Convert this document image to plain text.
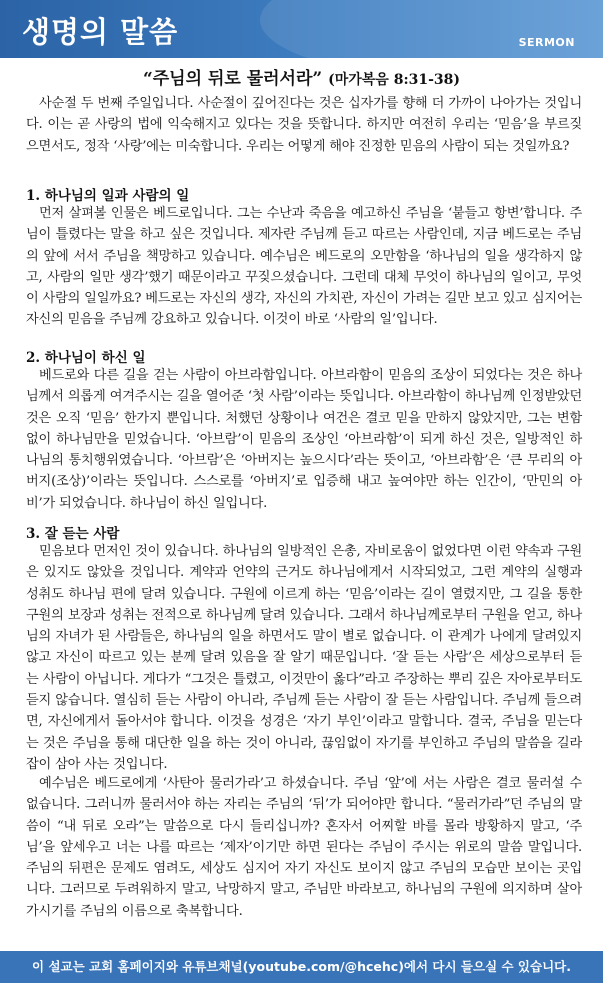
생명의 말씀	SERMON
“주님의 뒤로 물러서라” (마가복음 8:31-38)

사순절 두 번째 주일입니다. 사순절이 깊어진다는 것은 십자가를 향해 더 가까이 나아가는 것입니다. 이는 곧 사랑의 법에 익숙해지고 있다는 것을 뜻합니다. 하지만 여전히 우리는 ‘믿음’을 부르짖으면서도, 정작 ‘사랑’에는 미숙합니다. 우리는 어떻게 해야 진정한 믿음의 사람이 되는 것일까요?

1. 하나님의 일과 사람의 일

먼저 살펴볼 인물은 베드로입니다. 그는 수난과 죽음을 예고하신 주님을 ‘붙들고 항변’합니다. 주님이 틀렸다는 말을 하고 싶은 것입니다. 제자란 주님께 듣고 따르는 사람인데, 지금 베드로는 주님의 앞에 서서 주님을 책망하고 있습니다. 예수님은 베드로의 오만함을 ‘하나님의 일을 생각하지 않고, 사람의 일만 생각’했기 때문이라고 꾸짖으셨습니다. 그런데 대체 무엇이 하나님의 일이고, 무엇이 사람의 일일까요? 베드로는 자신의 생각, 자신의 가치관, 자신이 가려는 길만 보고 있고 심지어는 자신의 믿음을 주님께 강요하고 있습니다. 이것이 바로 ‘사람의 일’입니다.

2. 하나님이 하신 일

베드로와 다른 길을 걷는 사람이 아브라함입니다. 아브라함이 믿음의 조상이 되었다는 것은 하나님께서 의롭게 여겨주시는 길을 열어준 ‘첫 사람’이라는 뜻입니다. 아브라함이 하나님께 인정받았던 것은 오직 ‘믿음’ 한가지 뿐입니다. 처했던 상황이나 여건은 결코 믿을 만하지 않았지만, 그는 변함없이 하나님만을 믿었습니다. ‘아브람’이 믿음의 조상인 ‘아브라함’이 되게 하신 것은, 일방적인 하나님의 통치행위였습니다. ‘아브람’은 ‘아버지는 높으시다’라는 뜻이고, ‘아브라함’은 ‘큰 무리의 아버지(조상)’이라는 뜻입니다. 스스로를 ‘아버지’로 입증해 내고 높여야만 하는 인간이, ‘만민의 아비’가 되었습니다. 하나님이 하신 일입니다.

3. 잘 듣는 사람

믿음보다 먼저인 것이 있습니다. 하나님의 일방적인 은총, 자비로움이 없었다면 이런 약속과 구원은 있지도 않았을 것입니다. 계약과 언약의 근거도 하나님에게서 시작되었고, 그런 계약의 실행과 성취도 하나님 편에 달려 있습니다. 구원에 이르게 하는 ‘믿음’이라는 길이 열렸지만, 그 길을 통한 구원의 보장과 성취는 전적으로 하나님께 달려 있습니다. 그래서 하나님께로부터 구원을 얻고, 하나님의 자녀가 된 사람들은, 하나님의 일을 하면서도 말이 별로 없습니다. 이 관계가 나에게 달려있지 않고 자신이 따르고 있는 분께 달려 있음을 잘 알기 때문입니다. ‘잘 듣는 사람’은 세상으로부터 듣는 사람이 아닙니다. 게다가 “그것은 틀렸고, 이것만이 옳다”라고 주장하는 뿌리 깊은 자아로부터도 듣지 않습니다. 열심히 듣는 사람이 아니라, 주님께 듣는 사람이 잘 듣는 사람입니다. 주님께 들으려면, 자신에게서 돌아서야 합니다. 이것을 성경은 ‘자기 부인’이라고 말합니다. 결국, 주님을 믿는다는 것은 주님을 통해 대단한 일을 하는 것이 아니라, 끊임없이 자기를 부인하고 주님의 말씀을 길라잡이 삼아 사는 것입니다.

예수님은 베드로에게 ‘사탄아 물러가라’고 하셨습니다. 주님 ‘앞’에 서는 사람은 결코 물러설 수 없습니다. 그러니까 물러서야 하는 자리는 주님의 ‘뒤’가 되어야만 합니다. “물러가라”던 주님의 말씀이 “내 뒤로 오라”는 말씀으로 다시 들리십니까? 혼자서 어찌할 바를 몰라 방황하지 말고, ‘주님’을 앞세우고 너는 나를 따르는 ‘제자’이기만 하면 된다는 주님이 주시는 위로의 말씀 말입니다. 주님의 뒤편은 문제도 염려도, 세상도 심지어 자기 자신도 보이지 않고 주님의 모습만 보이는 곳입니다. 그러므로 두려워하지 말고, 낙망하지 말고, 주님만 바라보고, 하나님의 구원에 의지하며 살아가시기를 주님의 이름으로 축복합니다.

이 설교는 교회 홈페이지와 유튜브채널(youtube.com/@hcehc)에서 다시 들으실 수 있습니다.
